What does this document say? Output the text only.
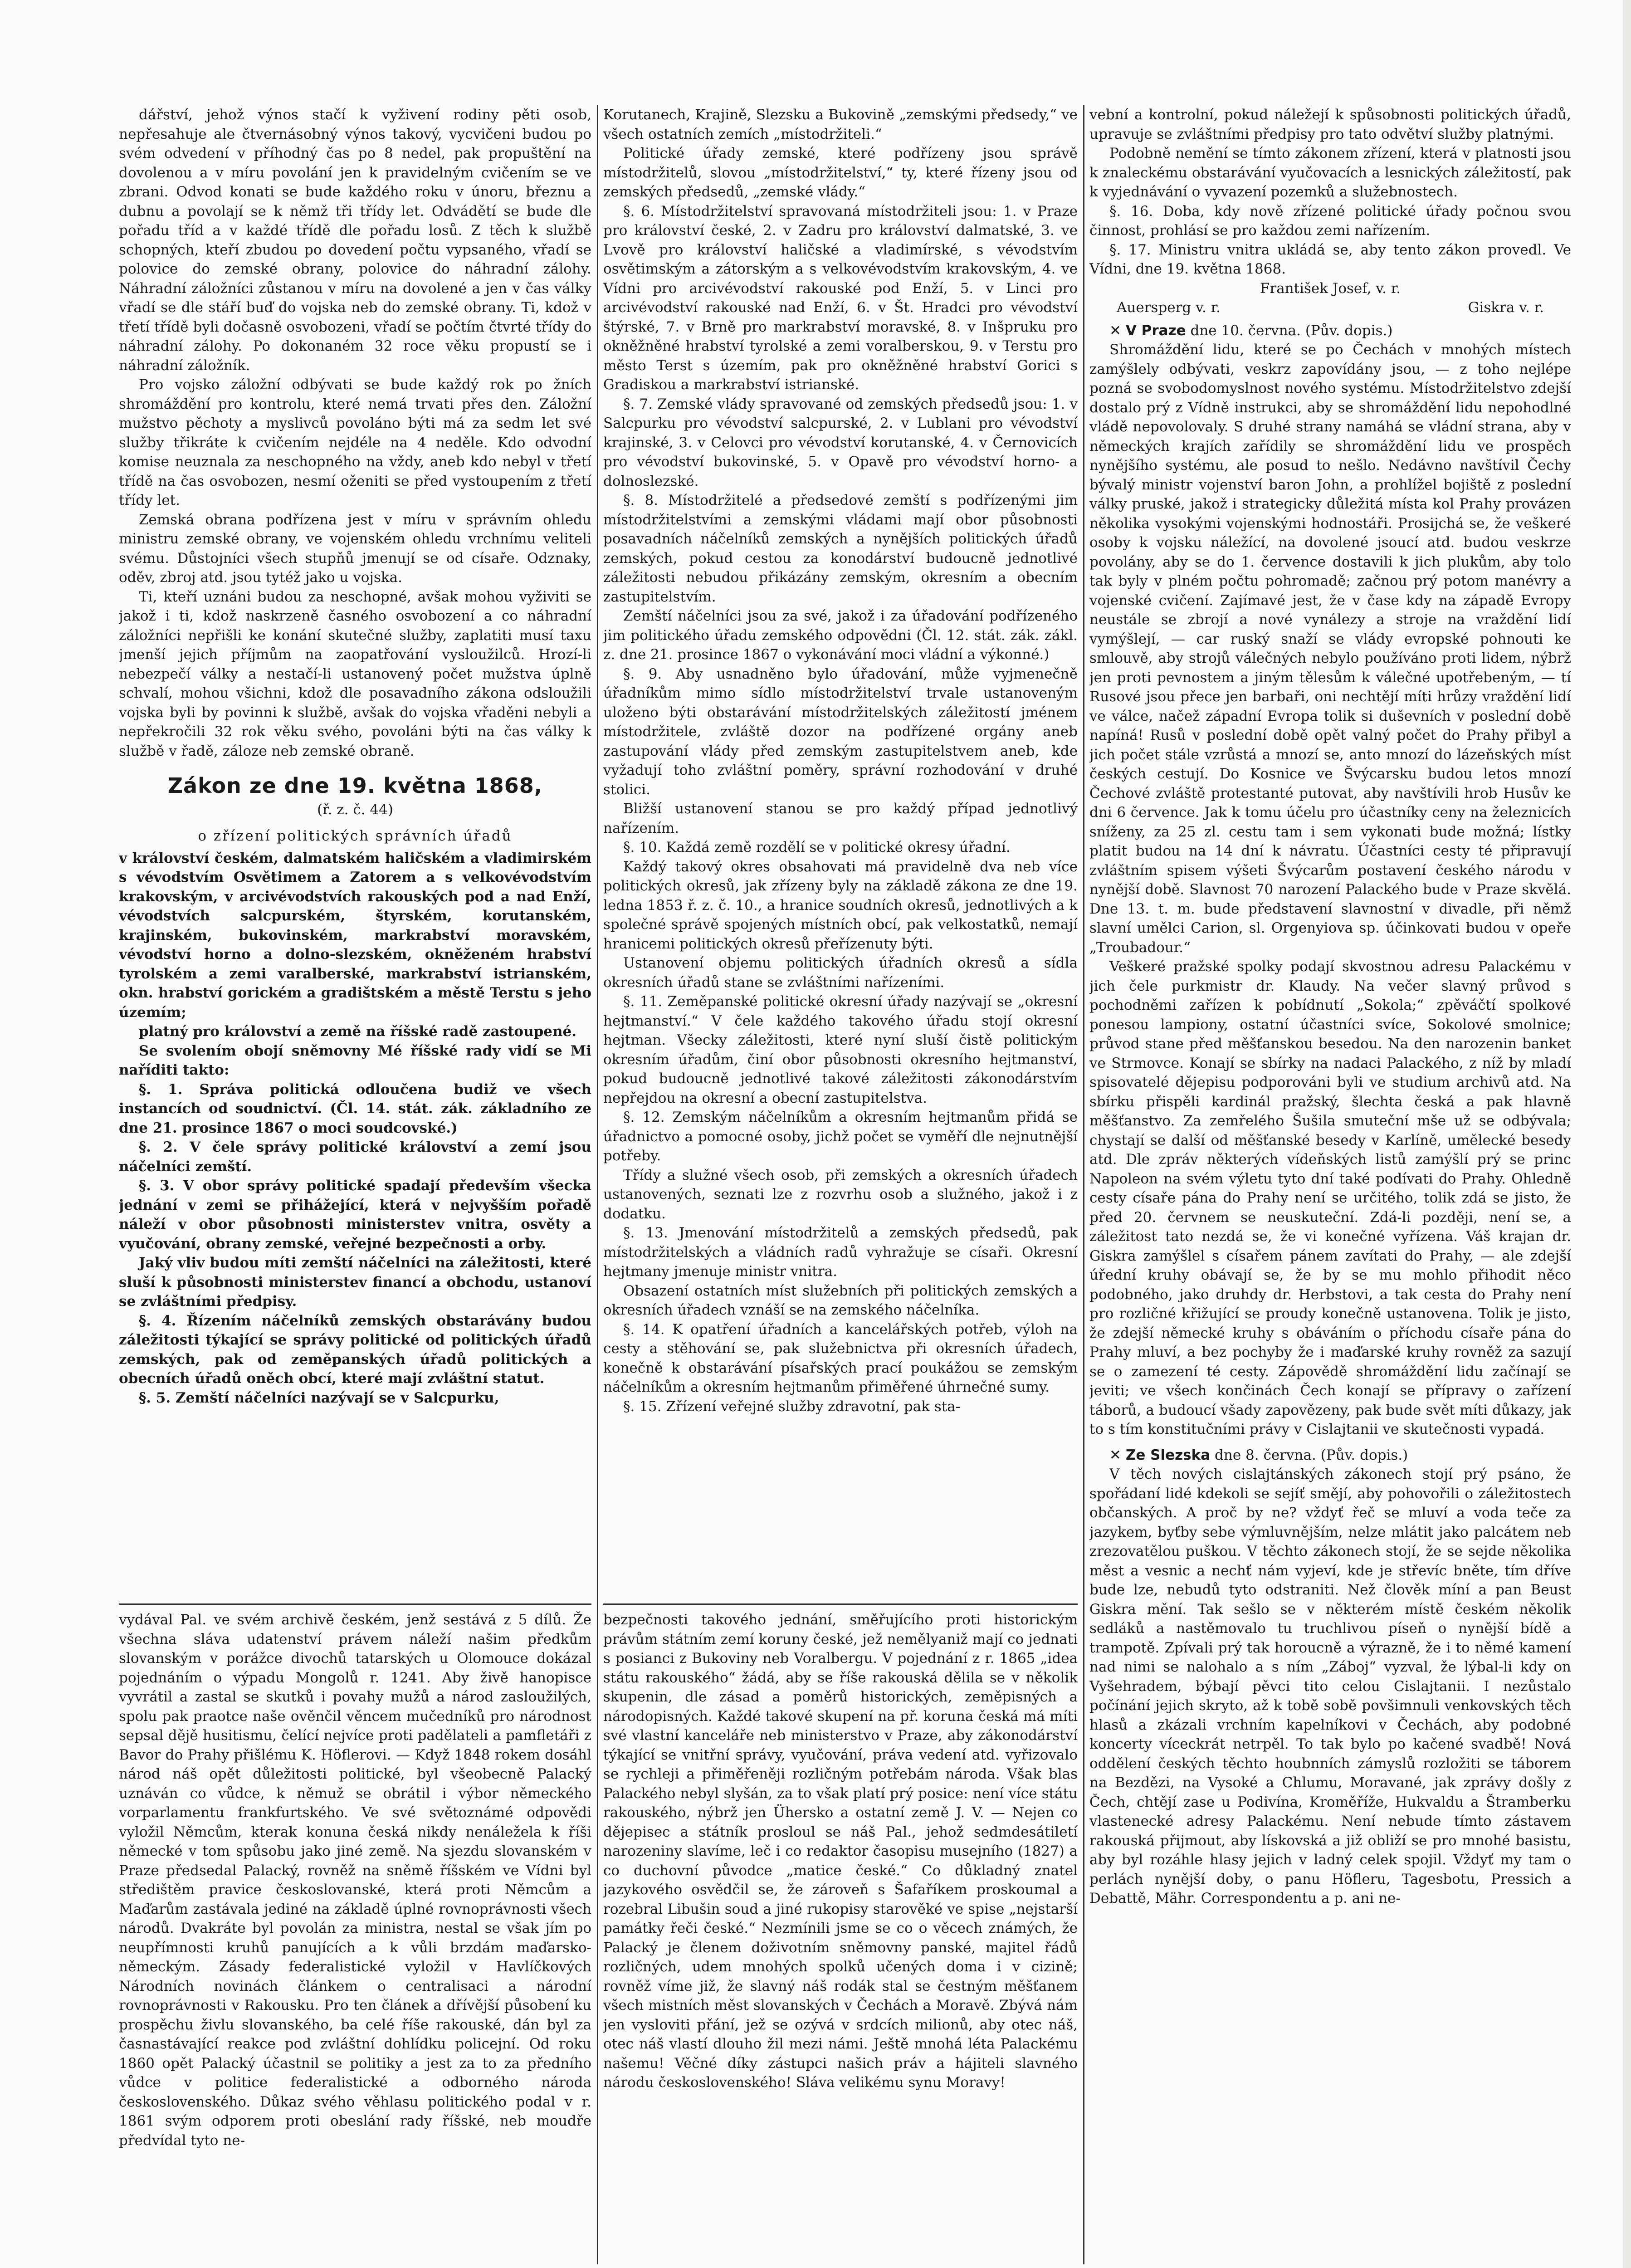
dářství, jehož výnos stačí k vyživení rodiny pěti osob, nepřesahuje ale čtvernásobný výnos takový, vycvičeni budou po svém odvedení v příhodný čas po 8 nedel, pak propuštění na dovolenou a v míru povolání jen k pravidelným cvičením se ve zbrani. Odvod konati se bude každého roku v únoru, březnu a dubnu a povolají se k němž tři třídy let. Odvádětí se bude dle pořadu tříd a v každé třídě dle pořadu losů. Z těch k službě schopných, kteří zbudou po dovedení počtu vypsaného, vřadí se polovice do zemské obrany, polovice do náhradní zálohy. Náhradní záložníci zůstanou v míru na dovolené a jen v čas války vřadí se dle stáří buď do vojska neb do zemské obrany. Ti, kdož v třetí třídě byli dočasně osvobozeni, vřadí se počtím čtvrté třídy do náhradní zálohy. Po dokonaném 32 roce věku propustí se i náhradní záložník.

Pro vojsko záložní odbývati se bude každý rok po žních shromáždění pro kontrolu, které nemá trvati přes den. Záložní mužstvo pěchoty a myslivců povoláno býti má za sedm let své služby třikráte k cvičením nejdéle na 4 neděle. Kdo odvodní komise neuznala za neschopného na vždy, aneb kdo nebyl v třetí třídě na čas osvobozen, nesmí oženiti se před vystoupením z třetí třídy let.

Zemská obrana podřízena jest v míru v správním ohledu ministru zemské obrany, ve vojenském ohledu vrchnímu veliteli svému. Důstojníci všech stupňů jmenují se od císaře. Odznaky, oděv, zbroj atd. jsou tytéž jako u vojska.

Ti, kteří uznáni budou za neschopné, avšak mohou vyživiti se jakož i ti, kdož naskrzeně časného osvobození a co náhradní záložníci nepřišli ke konání skutečné služby, zaplatiti musí taxu jmenší jejich příjmům na zaopatřování vysloužilců. Hrozí-li nebezpečí války a nestačí-li ustanovený počet mužstva úplně schvalí, mohou všichni, kdož dle posavadního zákona odsloužili vojska byli by povinni k službě, avšak do vojska vřaděni nebyli a nepřekročili 32 rok věku svého, povoláni býti na čas války k službě v řadě, záloze neb zemské obraně.

Zákon ze dne 19. května 1868,
(ř. z. č. 44)
o zřízení politických správních úřadů

v království českém, dalmatském haličském a vladimirském s vévodstvím Osvětimem a Zatorem a s velkovévodstvím krakovským, v arcivévodstvích rakouských pod a nad Enží, vévodstvích salcpurském, štyrském, korutanském, krajinském, bukovinském, markrabství moravském, vévodství horno a dolno-slezském, okněženém hrabství tyrolském a zemi varalberské, markrabství istrianském, okn. hrabství gorickém a gradištském a městě Terstu s jeho územím;

platný pro království a země na říšské radě zastoupené.

Se svolením obojí sněmovny Mé říšské rady vidí se Mi naříditi takto:

§. 1. Správa politická odloučena budiž ve všech instancích od soudnictví. (Čl. 14. stát. zák. základního ze dne 21. prosince 1867 o moci soudcovské.)

§. 2. V čele správy politické království a zemí jsou náčelníci zemští.

§. 3. V obor správy politické spadají především všecka jednání v zemi se přihážející, která v nejvyšším pořadě náleží v obor působnosti ministerstev vnitra, osvěty a vyučování, obrany zemské, veřejné bezpečnosti a orby.

Jaký vliv budou míti zemští náčelníci na záležitosti, které sluší k působnosti ministerstev financí a obchodu, ustanoví se zvláštními předpisy.

§. 4. Řízením náčelníků zemských obstarávány budou záležitosti týkající se správy politické od politických úřadů zemských, pak od zeměpanských úřadů politických a obecních úřadů oněch obcí, které mají zvláštní statut.

§. 5. Zemští náčelníci nazývají se v Salcpurku,

Korutanech, Krajině, Slezsku a Bukovině „zemskými předsedy,“ ve všech ostatních zemích „místodržiteli.“

Politické úřady zemské, které podřízeny jsou správě místodržitelů, slovou „místodržitelství,“ ty, které řízeny jsou od zemských předsedů, „zemské vlády.“

§. 6. Místodržitelství spravovaná místodržiteli jsou: 1. v Praze pro království české, 2. v Zadru pro království dalmatské, 3. ve Lvově pro království haličské a vladimírské, s vévodstvím osvětimským a zátorským a s velkovévodstvím krakovským, 4. ve Vídni pro arcivévodství rakouské pod Enží, 5. v Linci pro arcivévodství rakouské nad Enží, 6. v Št. Hradci pro vévodství štýrské, 7. v Brně pro markrabství moravské, 8. v Inšpruku pro okněžněné hrabství tyrolské a zemi voralberskou, 9. v Terstu pro město Terst s územím, pak pro okněžněné hrabství Gorici s Gradiskou a markrabství istrianské.

§. 7. Zemské vlády spravované od zemských předsedů jsou: 1. v Salcpurku pro vévodství salcpurské, 2. v Lublani pro vévodství krajinské, 3. v Celovci pro vévodství korutanské, 4. v Černovicích pro vévodství bukovinské, 5. v Opavě pro vévodství horno- a dolnoslezské.

§. 8. Místodržitelé a předsedové zemští s podřízenými jim místodržitelstvími a zemskými vládami mají obor působnosti posavadních náčelníků zemských a nynějších politických úřadů zemských, pokud cestou za konodárství budoucně jednotlivé záležitosti nebudou přikázány zemským, okresním a obecním zastupitelstvím.

Zemští náčelníci jsou za své, jakož i za úřadování podřízeného jim politického úřadu zemského odpovědni (Čl. 12. stát. zák. zákl. z. dne 21. prosince 1867 o vykonávání moci vládní a výkonné.)

§. 9. Aby usnadněno bylo úřadování, může vyjmenečně úřadníkům mimo sídlo místodržitelství trvale ustanoveným uloženo býti obstarávání místodržitelských záležitostí jménem místodržitele, zvláště dozor na podřízené orgány aneb zastupování vlády před zemským zastupitelstvem aneb, kde vyžadují toho zvláštní poměry, správní rozhodování v druhé stolici.

Bližší ustanovení stanou se pro každý případ jednotlivý nařízením.

§. 10. Každá země rozdělí se v politické okresy úřadní.

Každý takový okres obsahovati má pravidelně dva neb více politických okresů, jak zřízeny byly na základě zákona ze dne 19. ledna 1853 ř. z. č. 10., a hranice soudních okresů, jednotlivých a k společné správě spojených místních obcí, pak velkostatků, nemají hranicemi politických okresů přeřízenuty býti.

Ustanovení objemu politických úřadních okresů a sídla okresních úřadů stane se zvláštními nařízeními.

§. 11. Zeměpanské politické okresní úřady nazývají se „okresní hejtmanství.“ V čele každého takového úřadu stojí okresní hejtman. Všecky záležitosti, které nyní sluší čistě politickým okresním úřadům, činí obor působnosti okresního hejtmanství, pokud budoucně jednotlivé takové záležitosti zákonodárstvím nepřejdou na okresní a obecní zastupitelstva.

§. 12. Zemským náčelníkům a okresním hejtmanům přidá se úřadnictvo a pomocné osoby, jichž počet se vyměří dle nejnutnější potřeby.

Třídy a služné všech osob, při zemských a okresních úřadech ustanovených, seznati lze z rozvrhu osob a služného, jakož i z dodatku.

§. 13. Jmenování místodržitelů a zemských předsedů, pak místodržitelských a vládních radů vyhražuje se císaři. Okresní hejtmany jmenuje ministr vnitra.

Obsazení ostatních míst služebních při politických zemských a okresních úřadech vznáší se na zemského náčelníka.

§. 14. K opatření úřadních a kancelářských potřeb, výloh na cesty a stěhování se, pak služebnictva při okresních úřadech, konečně k obstarávání písařských prací poukážou se zemským náčelníkům a okresním hejtmanům přiměřené úhrnečné sumy.

§. 15. Zřízení veřejné služby zdravotní, pak sta-

vební a kontrolní, pokud náležejí k spůsobnosti politických úřadů, upravuje se zvláštními předpisy pro tato odvětví služby platnými.

Podobně nemění se tímto zákonem zřízení, která v platnosti jsou k znaleckému obstarávání vyučovacích a lesnických záležitostí, pak k vyjednávání o vyvazení pozemků a služebnostech.

§. 16. Doba, kdy nově zřízené politické úřady počnou svou činnost, prohlásí se pro každou zemi nařízením.

§. 17. Ministru vnitra ukládá se, aby tento zákon provedl. Ve Vídni, dne 19. května 1868.

František Josef, v. r.

Auersperg v. r.	Giskra v. r.

✕ V Praze dne 10. června. (Pův. dopis.)

Shromáždění lidu, které se po Čechách v mnohých místech zamýšlely odbývati, veskrz zapovídány jsou, — z toho nejlépe pozná se svobodomyslnost nového systému. Místodržitelstvo zdejší dostalo prý z Vídně instrukci, aby se shromáždění lidu nepohodlné vládě nepovolovaly. S druhé strany namáhá se vládní strana, aby v německých krajích zařídily se shromáždění lidu ve prospěch nynějšího systému, ale posud to nešlo. Nedávno navštívil Čechy bývalý ministr vojenství baron John, a prohlížel bojiště z poslední války pruské, jakož i strategicky důležitá místa kol Prahy provázen několika vysokými vojenskými hodnostáři. Prosijchá se, že veškeré osoby k vojsku náležící, na dovolené jsoucí atd. budou veskrze povolány, aby se do 1. července dostavili k jich plukům, aby tolo tak byly v plném počtu pohromadě; začnou prý potom manévry a vojenské cvičení. Zajímavé jest, že v čase kdy na západě Evropy neustále se zbrojí a nové vynálezy a stroje na vraždění lidí vymýšlejí, — car ruský snaží se vlády evropské pohnouti ke smlouvě, aby strojů válečných nebylo používáno proti lidem, nýbrž jen proti pevnostem a jiným tělesům k válečné upotřebeným, — tí Rusové jsou přece jen barbaři, oni nechtějí míti hrůzy vraždění lidí ve válce, načež západní Evropa tolik si duševních v poslední době napíná! Rusů v poslední době opět valný počet do Prahy přibyl a jich počet stále vzrůstá a mnozí se, anto mnozí do lázeňských míst českých cestují. Do Kosnice ve Švýcarsku budou letos mnozí Čechové zvláště protestanté putovat, aby navštívili hrob Husův ke dni 6 července. Jak k tomu účelu pro účastníky ceny na železnicích sníženy, za 25 zl. cestu tam i sem vykonati bude možná; lístky platit budou na 14 dní k návratu. Účastníci cesty té připravují zvláštním spisem výšeti Švýcarům postavení českého národu v nynější době. Slavnost 70 narození Palackého bude v Praze skvělá. Dne 13. t. m. bude představení slavnostní v divadle, při němž slavní umělci Carion, sl. Orgenyiova sp. účinkovati budou v opeře „Troubadour.“

Veškeré pražské spolky podají skvostnou adresu Palackému v jich čele purkmistr dr. Klaudy. Na večer slavný průvod s pochodněmi zařízen k pobídnutí „Sokola;“ zpěváčtí spolkové ponesou lampiony, ostatní účastníci svíce, Sokolové smolnice; průvod stane před měšťanskou besedou. Na den narozenin banket ve Strmovce. Konají se sbírky na nadaci Palackého, z níž by mladí spisovatelé dějepisu podporováni byli ve studium archivů atd. Na sbírku přispěli kardinál pražský, šlechta česká a pak hlavně měšťanstvo. Za zemřelého Šušila smuteční mše už se odbývala; chystají se další od měšťanské besedy v Karlíně, umělecké besedy atd. Dle zpráv některých vídeňských listů zamýšlí prý se princ Napoleon na svém výletu tyto dní také podívati do Prahy. Ohledně cesty císaře pána do Prahy není se určitého, tolik zdá se jisto, že před 20. červnem se neuskuteční. Zdá-li později, není se, a záležitost tato nezdá se, že vi konečné vyřízena. Váš krajan dr. Giskra zamýšlel s císařem pánem zavítati do Prahy, — ale zdejší úřední kruhy obávají se, že by se mu mohlo přihodit něco podobného, jako druhdy dr. Herbstovi, a tak cesta do Prahy není pro rozličné křižující se proudy konečně ustanovena. Tolik je jisto, že zdejší německé kruhy s obáváním o příchodu císaře pána do Prahy mluví, a bez pochyby že i maďarské kruhy rovněž za sazují se o zamezení té cesty. Zápovědě shromáždění lidu začínají se jeviti; ve všech končinách Čech konají se přípravy o zařízení táborů, a budoucí všady zapovězeny, pak bude svět míti důkazy, jak to s tím konstitučními právy v Cislajtanii ve skutečnosti vypadá.

✕ Ze Slezska dne 8. června. (Pův. dopis.)

V těch nových cislajtánských zákonech stojí prý psáno, že spořádaní lidé kdekoli se sejíť smějí, aby pohovořili o záležitostech občanských. A proč by ne? vždyť řeč se mluví a voda teče za jazykem, byťby sebe výmluvnějším, nelze mlátit jako palcátem neb zrezovatělou puškou. V těchto zákonech stojí, že se sejde několika měst a vesnic a nechť nám vyjeví, kde je střevíc bněte, tím dříve bude lze, nebudů tyto odstraniti. Než člověk míní a pan Beust Giskra mění. Tak sešlo se v některém místě českém několik sedláků a nastěmovalo tu truchlivou píseň o nynější bídě a trampotě. Zpívali prý tak horoucně a výrazně, že i to němé kamení nad nimi se nalohalo a s ním „Záboj“ vyzval, že lýbal-li kdy on Vyšehradem, býbají pěvci tito celou Cislajtanii. I nezůstalo počínání jejich skryto, až k tobě sobě povšimnuli venkovských těch hlasů a zkázali vrchním kapelníkovi v Čechách, aby podobné koncerty víceckrát netrpěl. To tak bylo po kačené svadbě! Nová oddělení českých těchto houbnních zámyslů rozložiti se táborem na Bezdězi, na Vysoké a Chlumu, Moravané, jak zprávy došly z Čech, chtějí zase u Podivína, Kroměříže, Hukvaldu a Štramberku vlastenecké adresy Palackému. Není nebude tímto zástavem rakouská přijmout, aby lískovská a již obliží se pro mnohé basistu, aby byl rozáhle hlasy jejich v ladný celek spojil. Vždyť my tam o perlách nynější doby, o panu Höflеru, Tagesbotu, Pressich a Debattě, Mähr. Correspondentu a p. ani ne-

vydával Pal. ve svém archivě českém, jenž sestává z 5 dílů. Že všechna sláva udatenství právem náleží našim předkům slovanským v porážce divochů tatarských u Olomouce dokázal pojednáním o výpadu Mongolů r. 1241. Aby živě hanopisce vyvrátil a zastal se skutků i povahy mužů a národ zasloužilých, spolu pak praotce naše ověnčil věncem mučedníků pro národnost sepsal dějě husitismu, čelící nejvíce proti padělateli a pamfletáři z Bavor do Prahy přišlému K. Höflerovi. — Když 1848 rokem dosáhl národ náš opět důležitosti politické, byl všeobecně Palacký uznáván co vůdce, k němuž se obrátil i výbor německého vorparlamentu frankfurtského. Ve své světoznámé odpovědi vyložil Němcům, kterak konuna česká nikdy nenáležela k říši německé v tom spůsobu jako jiné země. Na sjezdu slovanském v Praze předsedal Palacký, rovněž na sněmě říšském ve Vídni byl středištěm pravice českoslovanské, která proti Němcům a Maďarům zastávala jediné na základě úplné rovnoprávnosti všech národů. Dvakráte byl povolán za ministra, nestal se však jím po neupřímnosti kruhů panujících a k vůli brzdám maďarsko-německým. Zásady federalistické vyložil v Havlíčkových Národních novinách článkem o centralisaci a národní rovnoprávnosti v Rakousku. Pro ten článek a dřívější působení ku prospěchu živlu slovanského, ba celé říše rakouské, dán byl za časnastávající reakce pod zvláštní dohlídku policejní. Od roku 1860 opět Palacký účastnil se politiky a jest za to za předního vůdce v politice federalistické a odborného národa československého. Důkaz svého věhlasu politického podal v r. 1861 svým odporem proti obeslání rady říšské, neb moudře předvídal tyto ne-

bezpečnosti takového jednání, směřujícího proti historickým právům státním zemí koruny české, jež nemělyaniž mají co jednati s posianci z Bukoviny neb Voralbergu. V pojednání z r. 1865 „idea státu rakouského“ žádá, aby se říše rakouská dělila se v několik skupenin, dle zásad a poměrů historických, zeměpisných a národopisných. Každé takové skupení na př. koruna česká má míti své vlastní kanceláře neb ministerstvo v Praze, aby zákonodárství týkající se vnitřní správy, vyučování, práva vedení atd. vyřizovalo se rychleji a přiměřeněji rozličným potřebám národa. Však blas Palackého nebyl slyšán, za to však platí prý posice: není více státu rakouského, nýbrž jen Ühersko a ostatní země J. V. — Nejen co dějepisec a státník prosloul se náš Pal., jehož sedmdesátiletí narozeniny slavíme, leč i co redaktor časopisu musejního (1827) a co duchovní původce „matice české.“ Co důkladný znatel jazykového osvědčil se, že zároveň s Šafaříkem proskoumal a rozebral Libušin soud a jiné rukopisy starověké ve spise „nejstarší památky řeči české.“ Nezmínili jsme se co o věcech známých, že Palacký je členem doživotním sněmovny panské, majitel řádů rozličných, udem mnohých spolků učených doma i v cizině; rovněž víme již, že slavný náš rodák stal se čestným měšťanem všech mistních měst slovanských v Čechách a Moravě. Zbývá nám jen vysloviti přání, jež se ozývá v srdcích milionů, aby otec náš, otec náš vlastí dlouho žil mezi námi. Ještě mnohá léta Palackému našemu! Věčné díky zástupci našich práv a hájiteli slavného národu československého! Sláva velikému synu Moravy!
